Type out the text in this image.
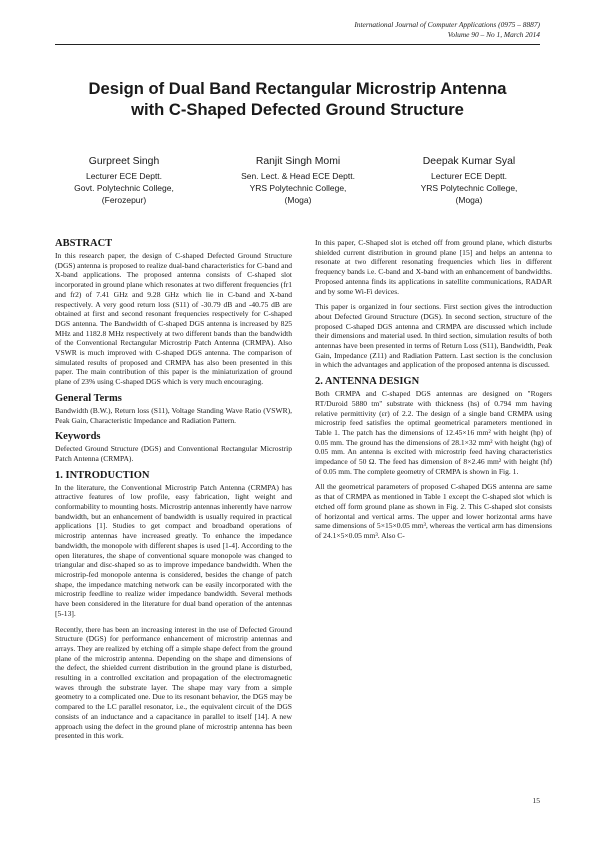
International Journal of Computer Applications (0975 – 8887)
Volume 90 – No 1, March 2014
Design of Dual Band Rectangular Microstrip Antenna
with C-Shaped Defected Ground Structure
Gurpreet Singh
Lecturer ECE Deptt.
Govt. Polytechnic College,
(Ferozepur)
Ranjit Singh Momi
Sen. Lect. & Head ECE Deptt.
YRS Polytechnic College,
(Moga)
Deepak Kumar Syal
Lecturer ECE Deptt.
YRS Polytechnic College,
(Moga)
ABSTRACT

In this research paper, the design of C-shaped Defected Ground Structure (DGS) antenna is proposed to realize dual-band characteristics for C-band and X-band applications. The proposed antenna consists of C-shaped slot incorporated in ground plane which resonates at two different frequencies (fr1 and fr2) of 7.41 GHz and 9.28 GHz which lie in C-band and X-band respectively. A very good return loss (S11) of -30.79 dB and -40.75 dB are obtained at first and second resonant frequencies respectively for C-shaped DGS antenna. The Bandwidth of C-shaped DGS antenna is increased by 825 MHz and 1182.8 MHz respectively at two different bands than the bandwidth of the Conventional Rectangular Microstrip Patch Antenna (CRMPA). Also VSWR is much improved with C-shaped DGS antenna. The comparison of simulated results of proposed and CRMPA has also been presented in this paper. The main contribution of this paper is the miniaturization of ground plane of 23% using C-shaped DGS which is very much encouraging.

General Terms

Bandwidth (B.W.), Return loss (S11), Voltage Standing Wave Ratio (VSWR), Peak Gain, Characteristic Impedance and Radiation Pattern.

Keywords

Defected Ground Structure (DGS) and Conventional Rectangular Microstrip Patch Antenna (CRMPA).

1. INTRODUCTION

In the literature, the Conventional Microstrip Patch Antenna (CRMPA) has attractive features of low profile, easy fabrication, light weight and conformability to mounting hosts. Microstrip antennas inherently have narrow bandwidth, but an enhancement of bandwidth is usually required in practical applications [1]. Studies to get compact and broadband operations of microstrip antennas have increased greatly. To enhance the impedance bandwidth, the monopole with different shapes is used [1-4]. According to the open literatures, the shape of conventional square monopole was changed to triangular and disc-shaped so as to improve impedance bandwidth. When the microstrip-fed monopole antenna is considered, besides the change of patch shape, the impedance matching network can be easily incorporated with the microstrip feedline to realize wider impedance bandwidth. Several methods have been considered in the literature for dual band operation of the antennas [5-13].

Recently, there has been an increasing interest in the use of Defected Ground Structure (DGS) for performance enhancement of microstrip antennas and arrays. They are realized by etching off a simple shape defect from the ground plane of the microstrip antenna. Depending on the shape and dimensions of the defect, the shielded current distribution in the ground plane is disturbed, resulting in a controlled excitation and propagation of the electromagnetic waves through the substrate layer. The shape may vary from a simple geometry to a complicated one. Due to its resonant behavior, the DGS may be compared to the LC parallel resonator, i.e., the equivalent circuit of the DGS consists of an inductance and a capacitance in parallel to itself [14]. A new approach using the defect in the ground plane of microstrip antenna has been presented in this work.

In this paper, C-Shaped slot is etched off from ground plane, which disturbs shielded current distribution in ground plane [15] and helps an antenna to resonate at two different resonating frequencies which lies in different frequency bands i.e. C-band and X-band with an enhancement of bandwidths. Proposed antenna finds its applications in satellite communications, RADAR and by some Wi-Fi devices.

This paper is organized in four sections. First section gives the introduction about Defected Ground Structure (DGS). In second section, structure of the proposed C-shaped DGS antenna and CRMPA are discussed which include their dimensions and material used. In third section, simulation results of both antennas have been presented in terms of Return Loss (S11), Bandwidth, Peak Gain, Impedance (Z11) and Radiation Pattern. Last section is the conclusion in which the advantages and application of the proposed antenna is discussed.

2. ANTENNA DESIGN

Both CRMPA and C-shaped DGS antennas are designed on "Rogers RT/Duroid 5880 tm" substrate with thickness (hs) of 0.794 mm having relative permittivity (εr) of 2.2. The design of a single band CRMPA using microstrip feed satisfies the optimal geometrical parameters mentioned in Table 1. The patch has the dimensions of 12.45×16 mm² with height (hp) of 0.05 mm. The ground has the dimensions of 28.1×32 mm² with height (hg) of 0.05 mm. An antenna is excited with microstrip feed having characteristics impedance of 50 Ω. The feed has dimension of 8×2.46 mm² with height (hf) of 0.05 mm. The complete geometry of CRMPA is shown in Fig. 1.

All the geometrical parameters of proposed C-shaped DGS antenna are same as that of CRMPA as mentioned in Table 1 except the C-shaped slot which is etched off form ground plane as shown in Fig. 2. This C-shaped slot consists of horizontal and vertical arms. The upper and lower horizontal arms have same dimensions of 5×15×0.05 mm³, whereas the vertical arm has dimensions of 24.1×5×0.05 mm³. Also C-

15
